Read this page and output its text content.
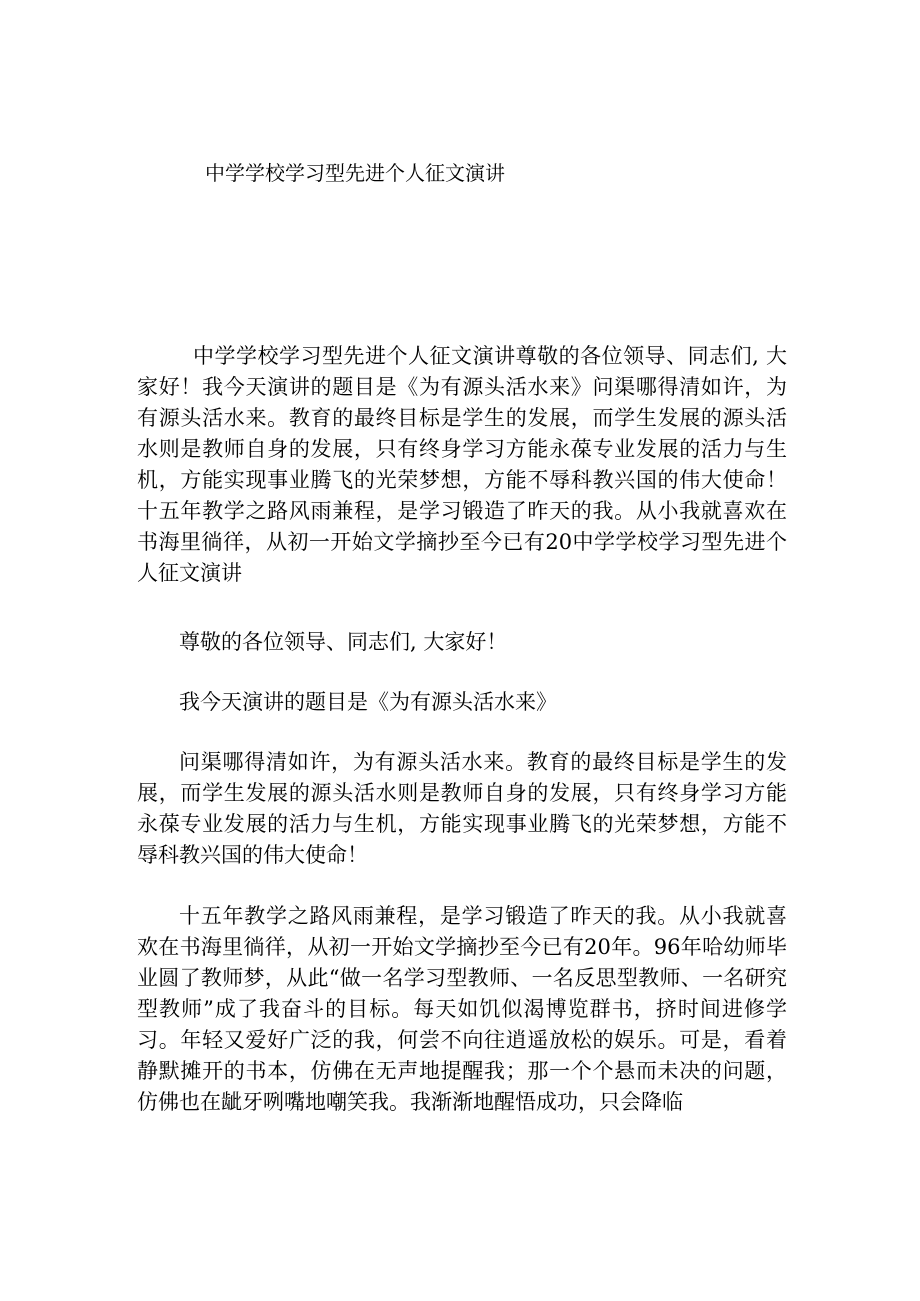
中学学校学习型先进个人征文演讲

中学学校学习型先进个人征文演讲尊敬的各位领导、同志们, 大家好！我今天演讲的题目是《为有源头活水来》问渠哪得清如许，为有源头活水来。教育的最终目标是学生的发展，而学生发展的源头活水则是教师自身的发展，只有终身学习方能永葆专业发展的活力与生机，方能实现事业腾飞的光荣梦想，方能不辱科教兴国的伟大使命！十五年教学之路风雨兼程，是学习锻造了昨天的我。从小我就喜欢在书海里徜徉，从初一开始文学摘抄至今已有20中学学校学习型先进个人征文演讲

尊敬的各位领导、同志们, 大家好！

我今天演讲的题目是《为有源头活水来》

问渠哪得清如许，为有源头活水来。教育的最终目标是学生的发展，而学生发展的源头活水则是教师自身的发展，只有终身学习方能永葆专业发展的活力与生机，方能实现事业腾飞的光荣梦想，方能不辱科教兴国的伟大使命！

十五年教学之路风雨兼程，是学习锻造了昨天的我。从小我就喜欢在书海里徜徉，从初一开始文学摘抄至今已有20年。96年哈幼师毕业圆了教师梦，从此“做一名学习型教师、一名反思型教师、一名研究型教师”成了我奋斗的目标。每天如饥似渴博览群书，挤时间进修学习。年轻又爱好广泛的我，何尝不向往逍遥放松的娱乐。可是，看着静默摊开的书本，仿佛在无声地提醒我；那一个个悬而未决的问题，仿佛也在龇牙咧嘴地嘲笑我。我渐渐地醒悟成功，只会降临
